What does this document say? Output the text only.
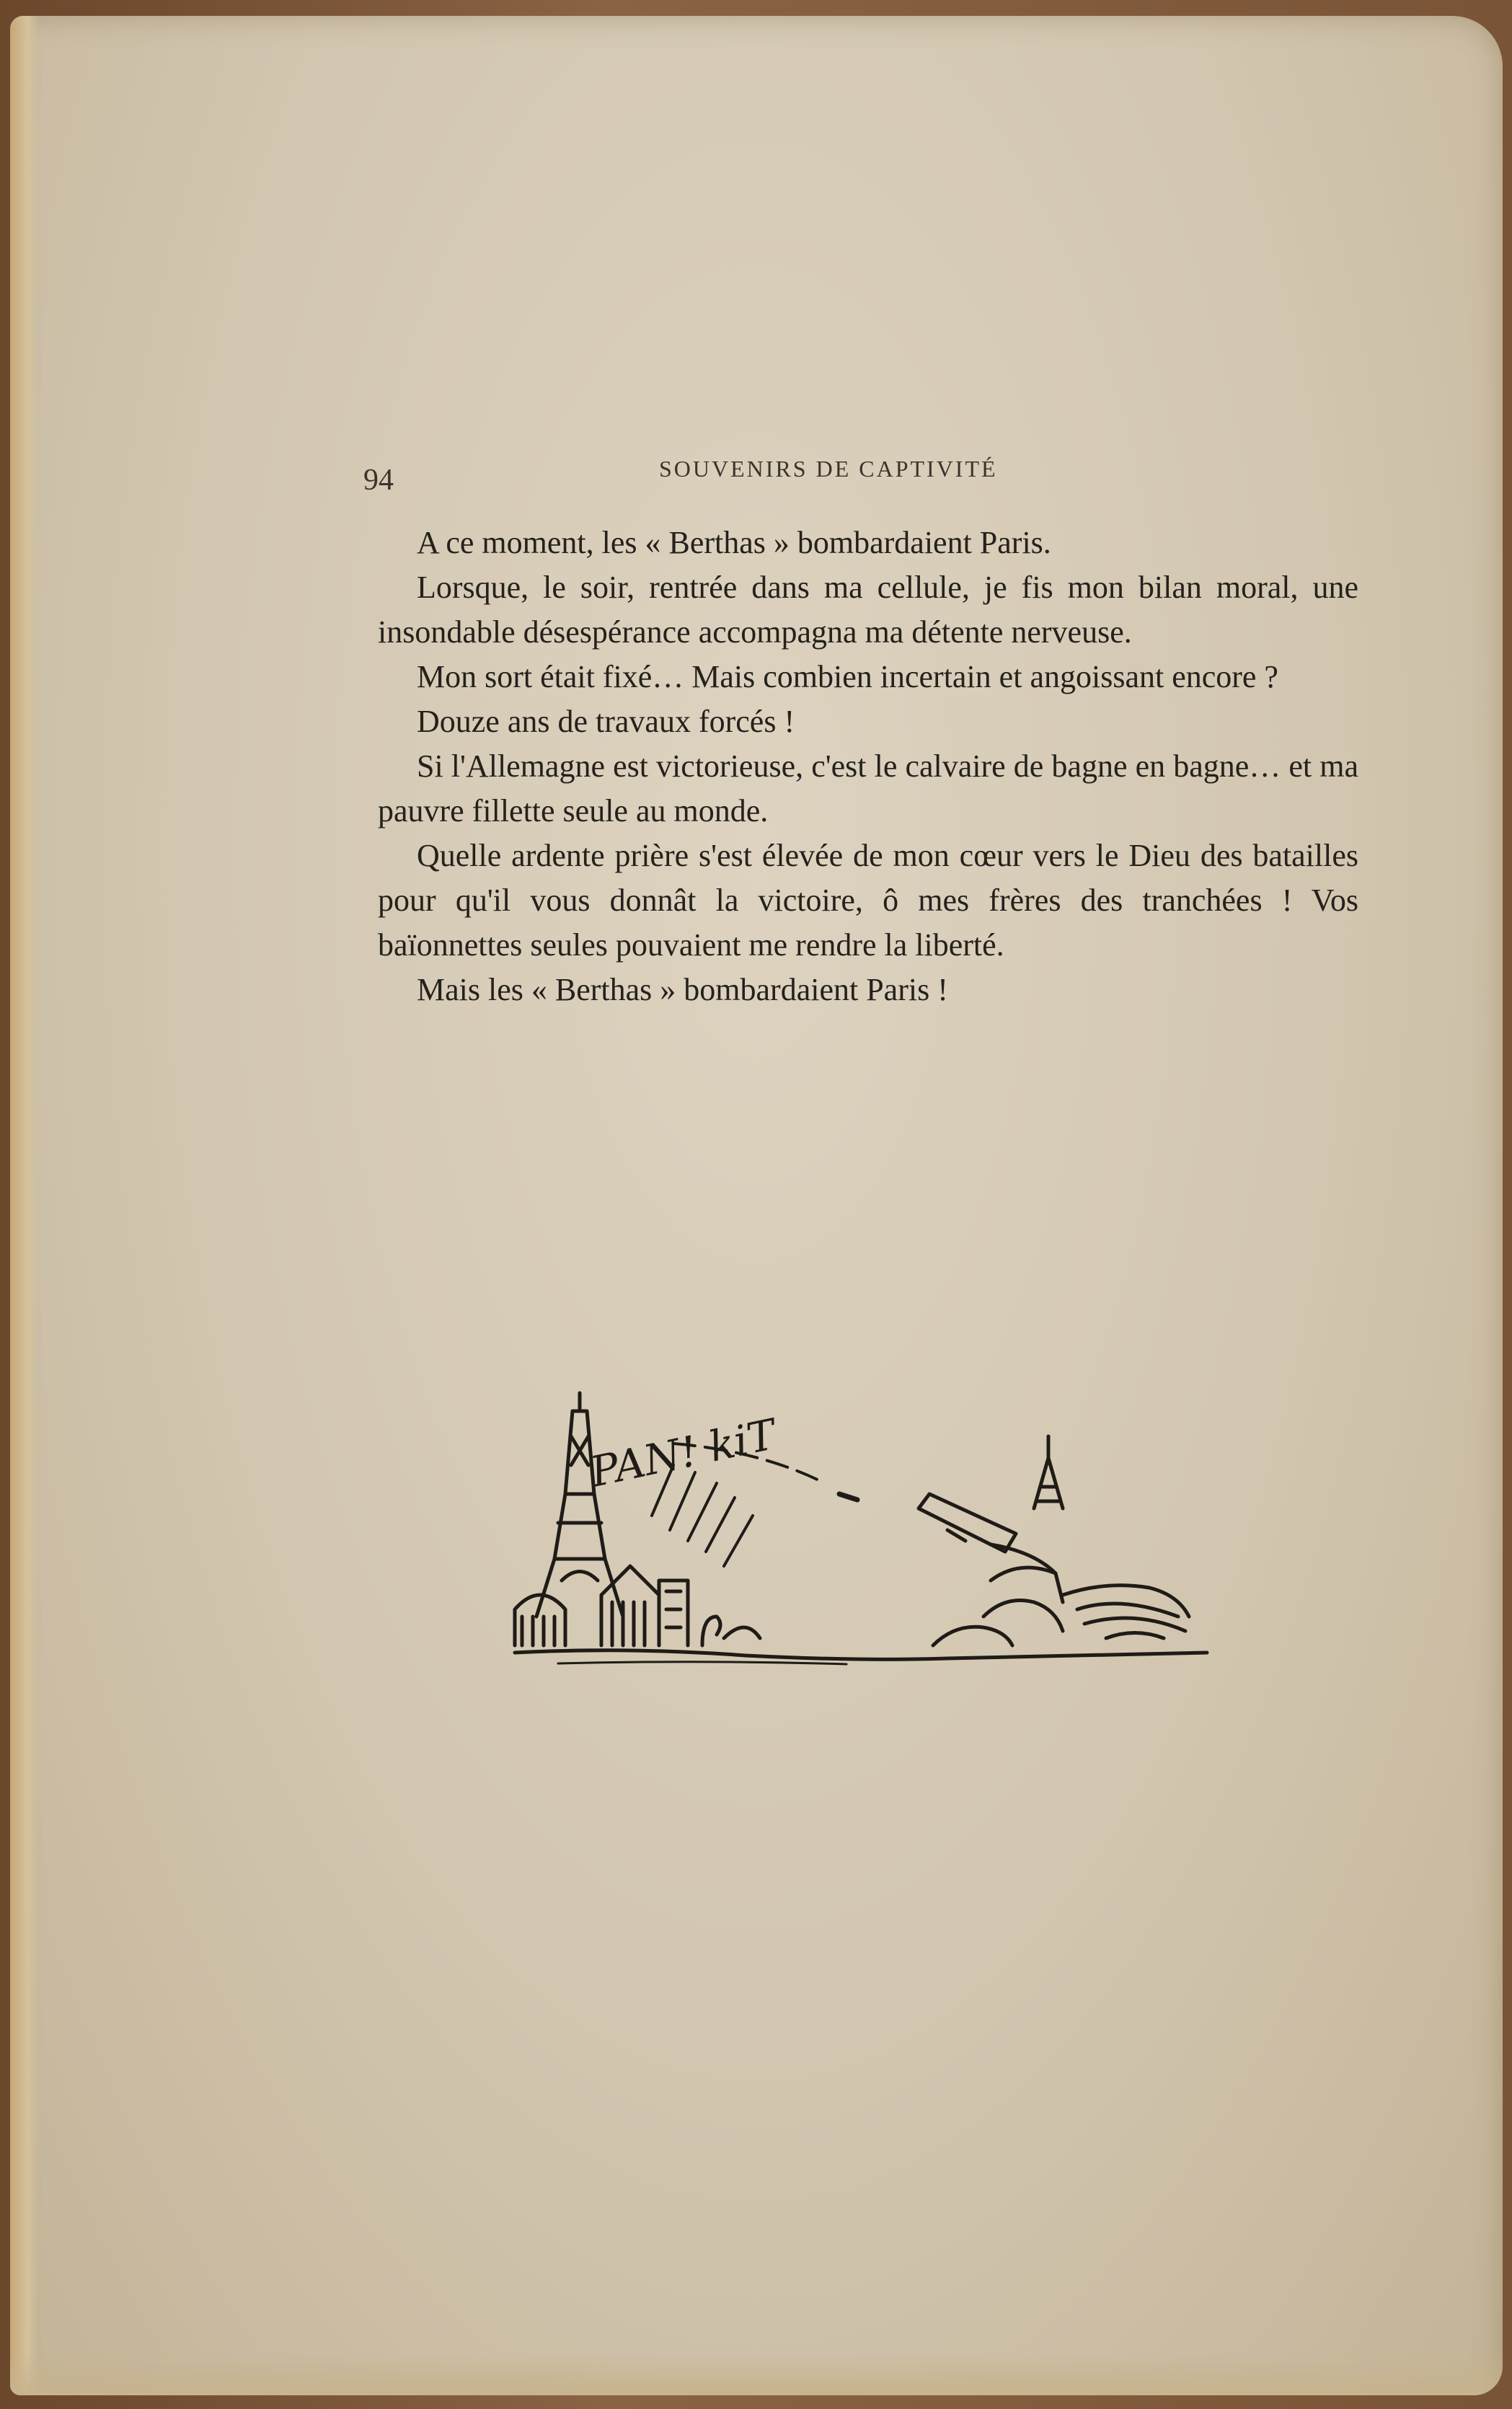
94	SOUVENIRS DE CAPTIVITÉ

A ce moment, les « Berthas » bombardaient Paris.

Lorsque, le soir, rentrée dans ma cellule, je fis mon bilan moral, une insondable désespérance accompagna ma détente nerveuse.

Mon sort était fixé… Mais combien incertain et angoissant encore ?

Douze ans de travaux forcés !

Si l'Allemagne est victorieuse, c'est le calvaire de bagne en bagne… et ma pauvre fillette seule au monde.

Quelle ardente prière s'est élevée de mon cœur vers le Dieu des batailles pour qu'il vous donnât la victoire, ô mes frères des tranchées ! Vos baïonnettes seules pouvaient me rendre la liberté.

Mais les « Berthas » bombardaient Paris !

PAN! kiT
